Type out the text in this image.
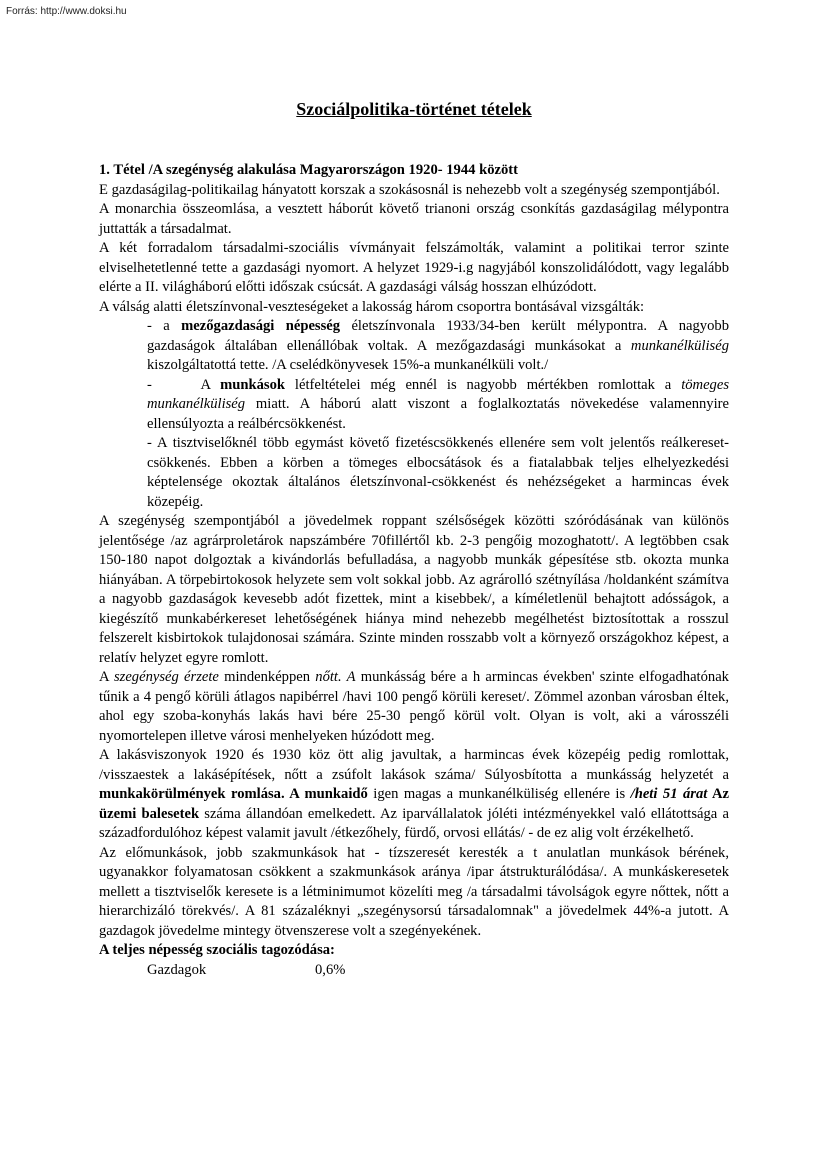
Forrás: http://www.doksi.hu
Szociálpolitika-történet tételek

1. Tétel /A szegénység alakulása Magyarországon 1920- 1944 között

E gazdaságilag-politikailag hányatott korszak a szokásosnál is nehezebb volt a szegénység szempontjából.

A monarchia összeomlása, a vesztett háborút követő trianoni ország csonkítás gazdaságilag mélypontra juttatták a társadalmat.

A két forradalom társadalmi-szociális vívmányait felszámolták, valamint a politikai terror szinte elviselhetetlenné tette a gazdasági nyomort. A helyzet 1929-i.g nagyjából konszolidálódott, vagy legalább elérte a II. világháború előtti időszak csúcsát. A gazdasági válság hosszan elhúzódott.

A válság alatti életszínvonal-veszteségeket a lakosság három csoportra bontásával vizsgálták:

- a mezőgazdasági népesség életszínvonala 1933/34-ben került mélypontra. A nagyobb gazdaságok általában ellenállóbak voltak. A mezőgazdasági munkásokat a munkanélküliség kiszolgáltatottá tette. /A cselédkönyvesek 15%-a munkanélküli volt./
-     A munkások létfeltételei még ennél is nagyobb mértékben romlottak a tömeges munkanélküliség miatt. A háború alatt viszont a foglalkoztatás növekedése valamennyire ellensúlyozta a reálbércsökkenést.
- A tisztviselőknél több egymást követő fizetéscsökkenés ellenére sem volt jelentős reálkereset-csökkenés. Ebben a körben a tömeges elbocsátások és a fiatalabbak teljes elhelyezkedési képtelensége okoztak általános életszínvonal-csökkenést és nehézségeket a harmincas évek közepéig.

A szegénység szempontjából a jövedelmek roppant szélsőségek közötti szóródásának van különös jelentősége /az agrárproletárok napszámbére 70fillértől kb. 2-3 pengőig mozoghatott/. A legtöbben csak 150-180 napot dolgoztak a kivándorlás befulladása, a nagyobb munkák gépesítése stb. okozta munka hiányában. A törpebirtokosok helyzete sem volt sokkal jobb. Az agrárolló szétnyílása /holdanként számítva a nagyobb gazdaságok kevesebb adót fizettek, mint a kisebbek/, a kíméletlenül behajtott adósságok, a kiegészítő munkabérkereset lehetőségének hiánya mind nehezebb megélhetést biztosítottak a rosszul felszerelt kisbirtokok tulajdonosai számára. Szinte minden rosszabb volt a környező országokhoz képest, a relatív helyzet egyre romlott.

A szegénység érzete mindenképpen nőtt. A munkásság bére a h armincas években' szinte elfogadhatónak tűnik a 4 pengő körüli átlagos napibérrel /havi 100 pengő körüli kereset/. Zömmel azonban városban éltek, ahol egy szoba-konyhás lakás havi bére 25-30 pengő körül volt. Olyan is volt, aki a városszéli nyomortelepen illetve városi menhelyeken húzódott meg.

A lakásviszonyok 1920 és 1930 köz ött alig javultak, a harmincas évek közepéig pedig romlottak, /visszaestek a lakásépítések, nőtt a zsúfolt lakások száma/ Súlyosbította a munkásság helyzetét a munkakörülmények romlása. A munkaidő igen magas a munkanélküliség ellenére is /heti 51 árat Az üzemi balesetek száma állandóan emelkedett. Az iparvállalatok jóléti intézményekkel való ellátottsága a századfordulóhoz képest valamit javult /étkezőhely, fürdő, orvosi ellátás/ - de ez alig volt érzékelhető.

Az előmunkások, jobb szakmunkások hat - tízszeresét keresték a t anulatlan munkások bérének, ugyanakkor folyamatosan csökkent a szakmunkások aránya /ipar átstrukturálódása/. A munkáskeresetek mellett a tisztviselők keresete is a létminimumot közelíti meg /a társadalmi távolságok egyre nőttek, nőtt a hierarchizáló törekvés/. A 81 százaléknyi „szegénysorsú társadalomnak" a jövedelmek 44%-a jutott. A gazdagok jövedelme mintegy ötvenszerese volt a szegényekének.

A teljes népesség szociális tagozódása:

Gazdagok	0,6%
